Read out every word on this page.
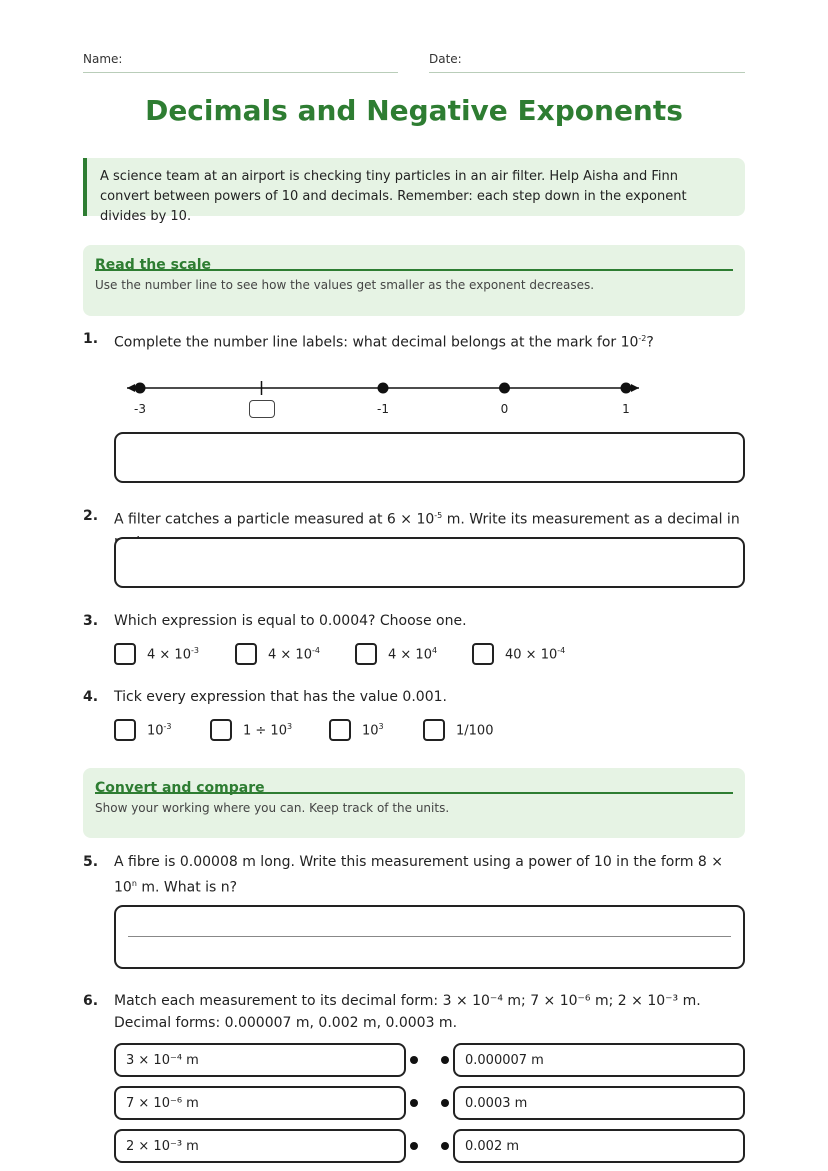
Name:	Date:
Decimals and Negative Exponents
A science team at an airport is checking tiny particles in an air filter. Help Aisha and Finn convert between powers of 10 and decimals. Remember: each step down in the exponent divides by 10.
Read the scale
Use the number line to see how the values get smaller as the exponent decreases.
1. Complete the number line labels: what decimal belongs at the mark for $10^{-2}$?
-3	-1	0	1
2. A filter catches a particle measured at $6 \times 10^{-5}$ m. Write its measurement as a decimal in
3. Which expression is equal to 0.0004? Choose one.
$4 \times 10^{-3}$	$4 \times 10^{-4}$	$4 \times 10^4$	$40 \times 10^{-4}$
4. Tick every expression that has the value 0.001.
$10^{-3}$	$1 \div 10^3$	$10^3$	1/100
Convert and compare
Show your working where you can. Keep track of the units.
5. A fibre is 0.00008 m long. Write this measurement using a power of 10 in the form $8 \times 10^n$ m. What is n?
6. Match each measurement to its decimal form: 3 × 10⁻⁴ m; 7 × 10⁻⁶ m; 2 × 10⁻³ m. Decimal forms: 0.000007 m, 0.002 m, 0.0003 m.
3 × 10⁻⁴ m	0.000007 m
7 × 10⁻⁶ m	0.0003 m
2 × 10⁻³ m	0.002 m
